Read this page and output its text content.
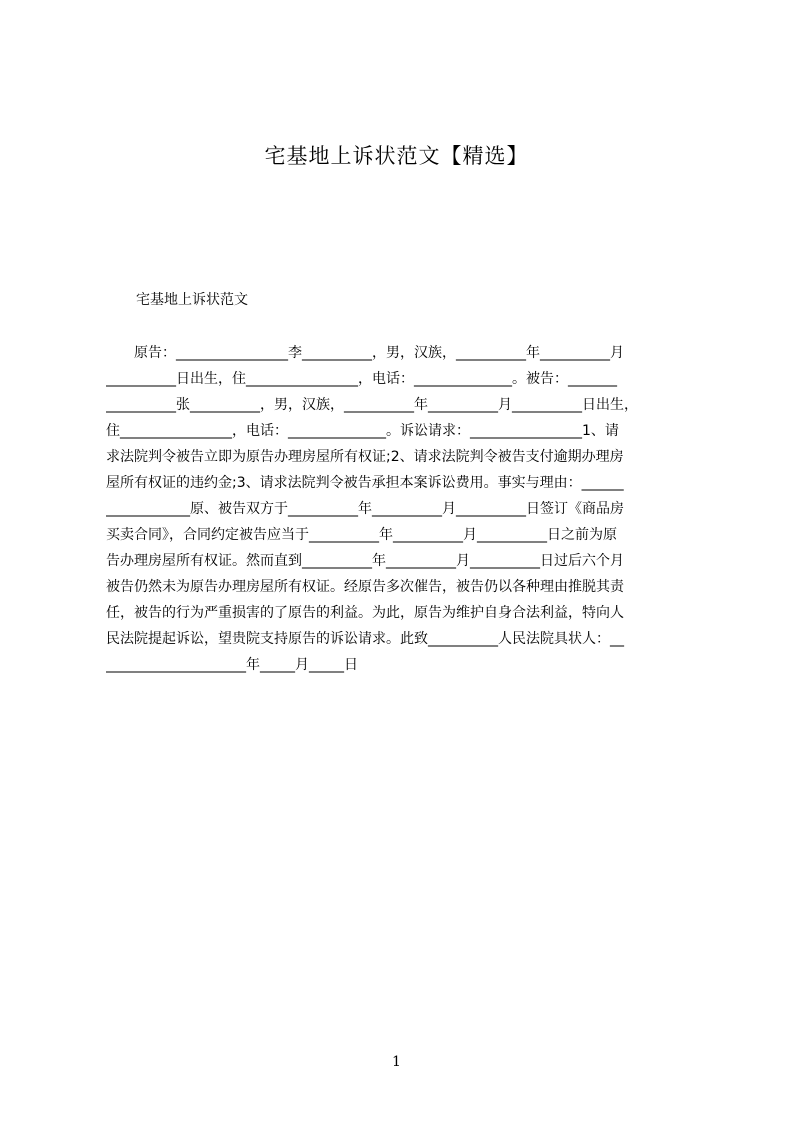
宅基地上诉状范文【精选】

宅基地上诉状范文

　　原告：________________李__________，男，汉族，__________年__________月
__________日出生，住________________，电话：______________。被告：_______
__________张__________，男，汉族，__________年__________月__________日出生，
住________________，电话：______________。诉讼请求：________________1、请
求法院判令被告立即为原告办理房屋所有权证;2、请求法院判令被告支付逾期办理房
屋所有权证的违约金;3、请求法院判令被告承担本案诉讼费用。事实与理由：______
____________原、被告双方于__________年__________月__________日签订《商品房
买卖合同》，合同约定被告应当于__________年__________月__________日之前为原
告办理房屋所有权证。然而直到__________年__________月__________日过后六个月
被告仍然未为原告办理房屋所有权证。经原告多次催告，被告仍以各种理由推脱其责
任，被告的行为严重损害的了原告的利益。为此，原告为维护自身合法利益，特向人
民法院提起诉讼，望贵院支持原告的诉讼请求。此致__________人民法院具状人：__
____________________年_____月_____日
1
